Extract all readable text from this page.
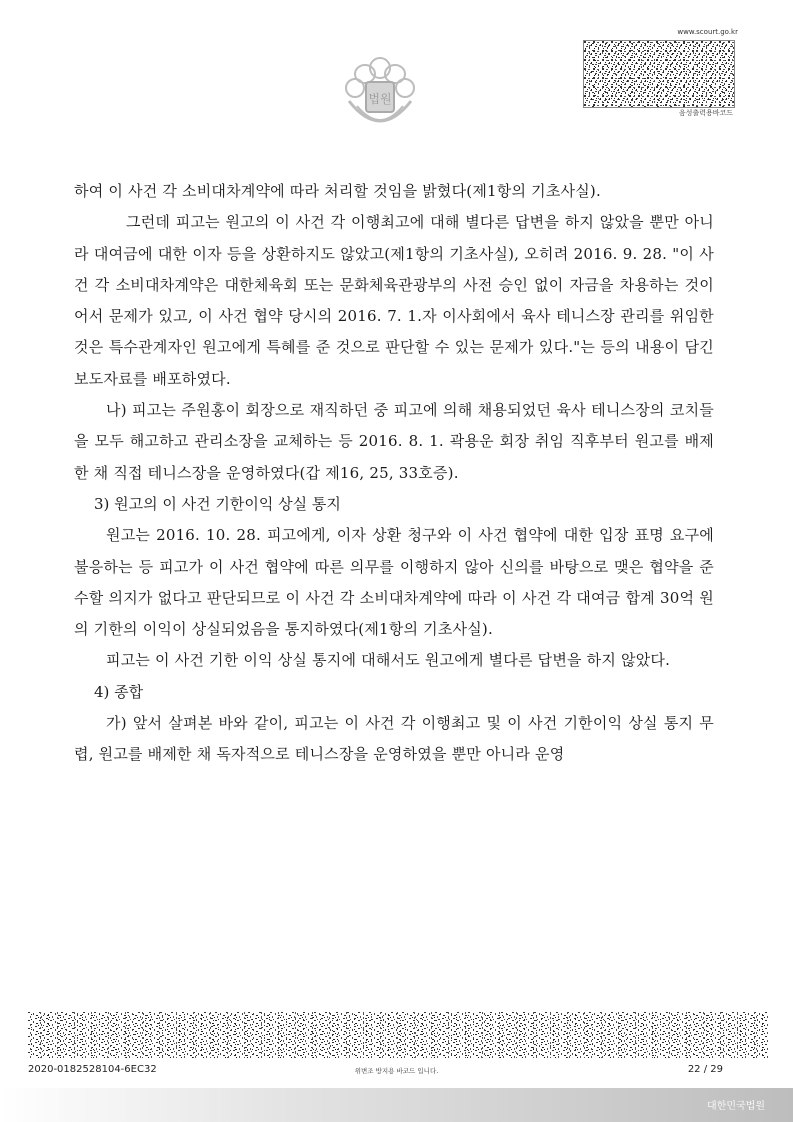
법원
www.scourt.go.kr
음성출력용바코드

하여 이 사건 각 소비대차계약에 따라 처리할 것임을 밝혔다(제1항의 기초사실).

그런데 피고는 원고의 이 사건 각 이행최고에 대해 별다른 답변을 하지 않았을 뿐만 아니라 대여금에 대한 이자 등을 상환하지도 않았고(제1항의 기초사실), 오히려 2016. 9. 28. "이 사건 각 소비대차계약은 대한체육회 또는 문화체육관광부의 사전 승인 없이 자금을 차용하는 것이어서 문제가 있고, 이 사건 협약 당시의 2016. 7. 1.자 이사회에서 육사 테니스장 관리를 위임한 것은 특수관계자인 원고에게 특혜를 준 것으로 판단할 수 있는 문제가 있다."는 등의 내용이 담긴 보도자료를 배포하였다.

나) 피고는 주원홍이 회장으로 재직하던 중 피고에 의해 채용되었던 육사 테니스장의 코치들을 모두 해고하고 관리소장을 교체하는 등 2016. 8. 1. 곽용운 회장 취임 직후부터 원고를 배제한 채 직접 테니스장을 운영하였다(갑 제16, 25, 33호증).

3) 원고의 이 사건 기한이익 상실 통지

원고는 2016. 10. 28. 피고에게, 이자 상환 청구와 이 사건 협약에 대한 입장 표명 요구에 불응하는 등 피고가 이 사건 협약에 따른 의무를 이행하지 않아 신의를 바탕으로 맺은 협약을 준수할 의지가 없다고 판단되므로 이 사건 각 소비대차계약에 따라 이 사건 각 대여금 합계 30억 원의 기한의 이익이 상실되었음을 통지하였다(제1항의 기초사실).

피고는 이 사건 기한 이익 상실 통지에 대해서도 원고에게 별다른 답변을 하지 않았다.

4) 종합

가) 앞서 살펴본 바와 같이, 피고는 이 사건 각 이행최고 및 이 사건 기한이익 상실 통지 무렵, 원고를 배제한 채 독자적으로 테니스장을 운영하였을 뿐만 아니라 운영

2020-0182528104-6EC32	위변조 방지용 바코드 입니다.	22 / 29
대한민국법원
